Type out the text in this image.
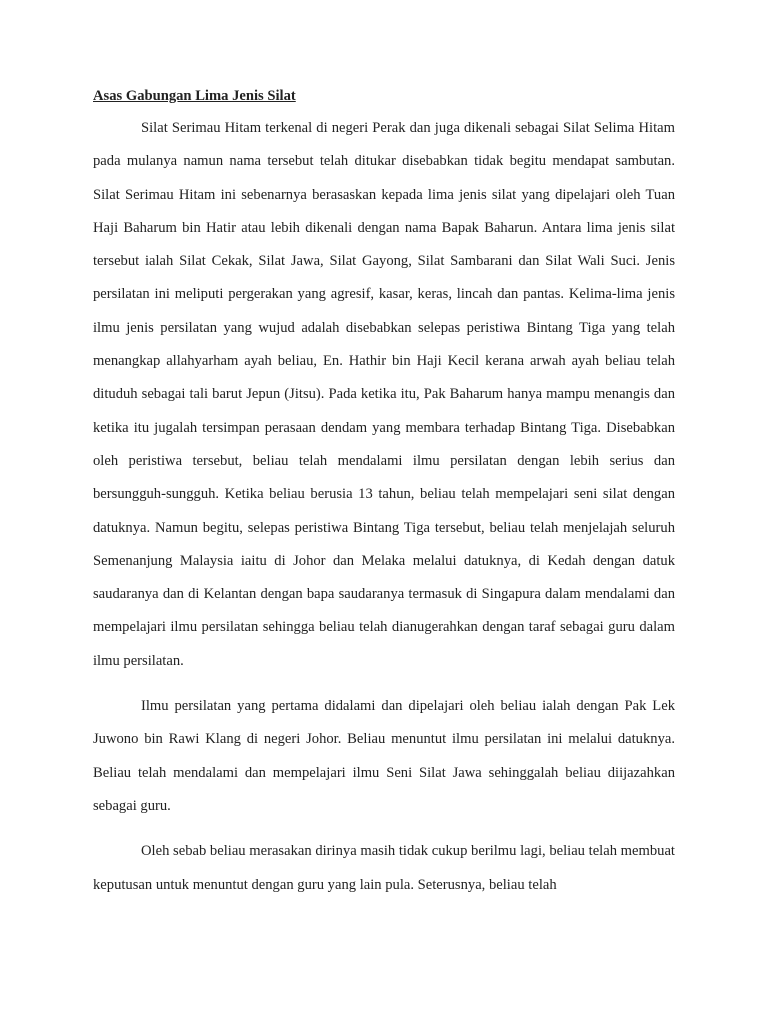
Asas Gabungan Lima Jenis Silat

Silat Serimau Hitam terkenal di negeri Perak dan juga dikenali sebagai Silat Selima Hitam pada mulanya namun nama tersebut telah ditukar disebabkan tidak begitu mendapat sambutan. Silat Serimau Hitam ini sebenarnya berasaskan kepada lima jenis silat yang dipelajari oleh Tuan Haji Baharum bin Hatir atau lebih dikenali dengan nama Bapak Baharun. Antara lima jenis silat tersebut ialah Silat Cekak, Silat Jawa, Silat Gayong, Silat Sambarani dan Silat Wali Suci. Jenis persilatan ini meliputi pergerakan yang agresif, kasar, keras, lincah dan pantas. Kelima-lima jenis ilmu jenis persilatan yang wujud adalah disebabkan selepas peristiwa Bintang Tiga yang telah menangkap allahyarham ayah beliau, En. Hathir bin Haji Kecil kerana arwah ayah beliau telah dituduh sebagai tali barut Jepun (Jitsu). Pada ketika itu, Pak Baharum hanya mampu menangis dan ketika itu jugalah tersimpan perasaan dendam yang membara terhadap Bintang Tiga. Disebabkan oleh peristiwa tersebut, beliau telah mendalami ilmu persilatan dengan lebih serius dan bersungguh-sungguh. Ketika beliau berusia 13 tahun, beliau telah mempelajari seni silat dengan datuknya. Namun begitu, selepas peristiwa Bintang Tiga tersebut, beliau telah menjelajah seluruh Semenanjung Malaysia iaitu di Johor dan Melaka melalui datuknya, di Kedah dengan datuk saudaranya dan di Kelantan dengan bapa saudaranya termasuk di Singapura dalam mendalami dan mempelajari ilmu persilatan sehingga beliau telah dianugerahkan dengan taraf sebagai guru dalam ilmu persilatan.

Ilmu persilatan yang pertama didalami dan dipelajari oleh beliau ialah dengan Pak Lek Juwono bin Rawi Klang di negeri Johor. Beliau menuntut ilmu persilatan ini melalui datuknya. Beliau telah mendalami dan mempelajari ilmu Seni Silat Jawa sehinggalah beliau diijazahkan sebagai guru.

Oleh sebab beliau merasakan dirinya masih tidak cukup berilmu lagi, beliau telah membuat keputusan untuk menuntut dengan guru yang lain pula. Seterusnya, beliau telah
